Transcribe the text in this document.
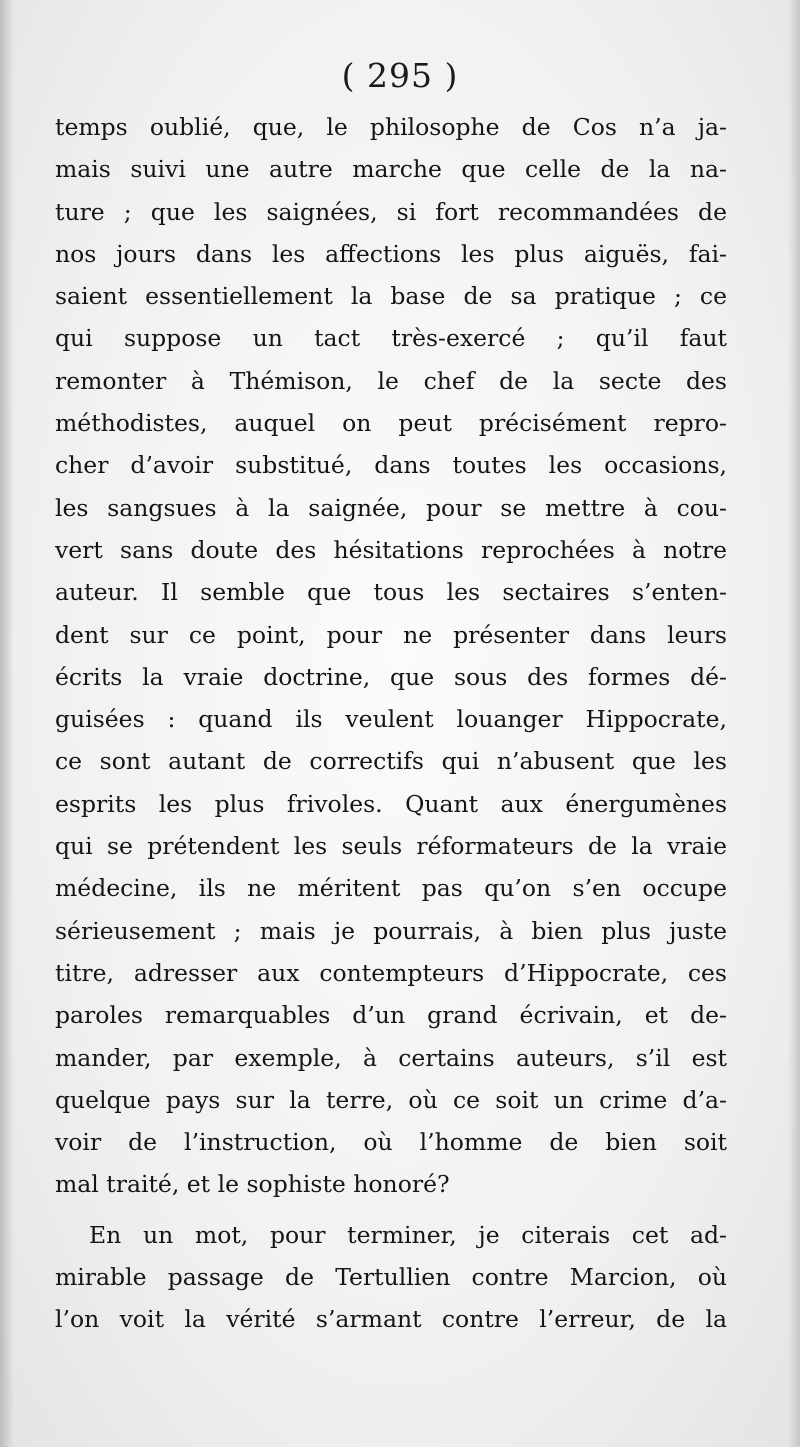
( 295 )
temps oublié, que, le philosophe de Cos n’a ja-
mais suivi une autre marche que celle de la na-
ture ; que les saignées, si fort recommandées de
nos jours dans les affections les plus aiguës, fai-
saient essentiellement la base de sa pratique ; ce
qui suppose un tact très-exercé ; qu’il faut
remonter à Thémison, le chef de la secte des
méthodistes, auquel on peut précisément repro-
cher d’avoir substitué, dans toutes les occasions,
les sangsues à la saignée, pour se mettre à cou-
vert sans doute des hésitations reprochées à notre
auteur. Il semble que tous les sectaires s’enten-
dent sur ce point, pour ne présenter dans leurs
écrits la vraie doctrine, que sous des formes dé-
guisées : quand ils veulent louanger Hippocrate,
ce sont autant de correctifs qui n’abusent que les
esprits les plus frivoles. Quant aux énergumènes
qui se prétendent les seuls réformateurs de la vraie
médecine, ils ne méritent pas qu’on s’en occupe
sérieusement ; mais je pourrais, à bien plus juste
titre, adresser aux contempteurs d’Hippocrate, ces
paroles remarquables d’un grand écrivain, et de-
mander, par exemple, à certains auteurs, s’il est
quelque pays sur la terre, où ce soit un crime d’a-
voir de l’instruction, où l’homme de bien soit
mal traité, et le sophiste honoré?
En un mot, pour terminer, je citerais cet ad-
mirable passage de Tertullien contre Marcion, où
l’on voit la vérité s’armant contre l’erreur, de la
